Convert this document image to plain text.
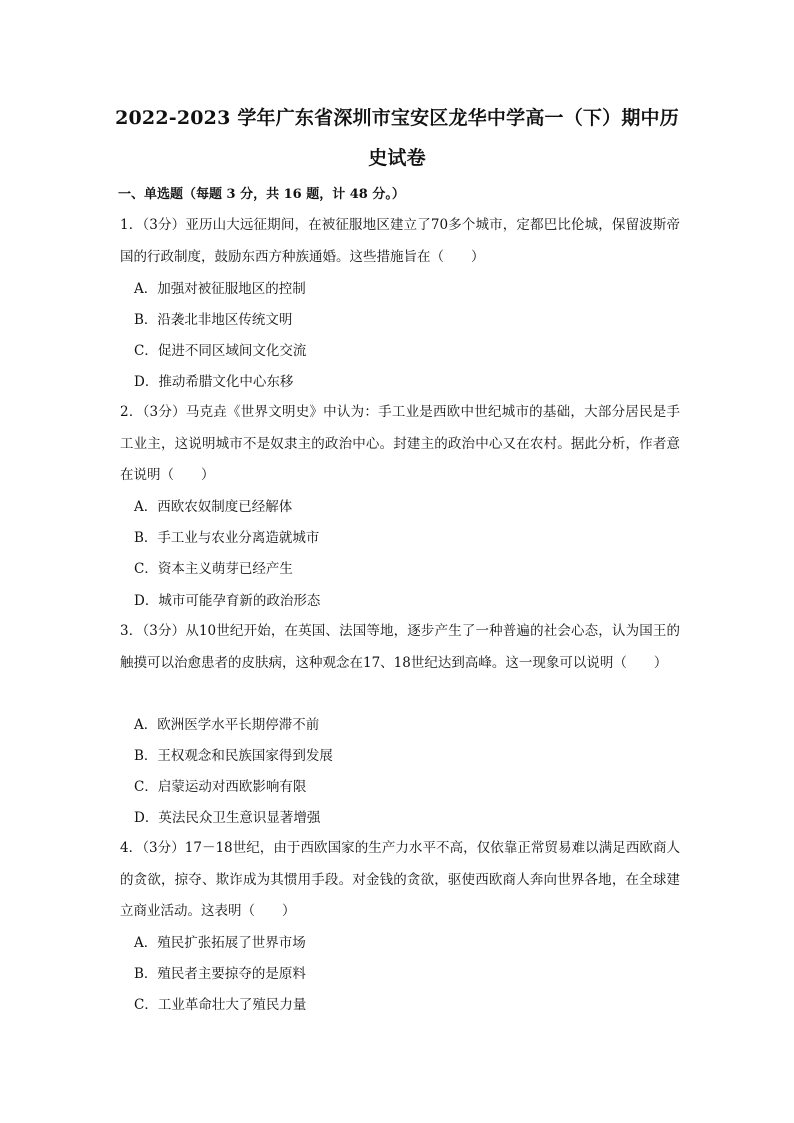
2022-2023 学年广东省深圳市宝安区龙华中学高一（下）期中历
史试卷
一、单选题（每题 3 分，共 16 题，计 48 分。）
1．（3分）亚历山大远征期间，在被征服地区建立了70多个城市，定都巴比伦城，保留波斯帝国的行政制度，鼓励东西方种族通婚。这些措施旨在（　　）
A．加强对被征服地区的控制
B．沿袭北非地区传统文明
C．促进不同区域间文化交流
D．推动希腊文化中心东移
2．（3分）马克垚《世界文明史》中认为：手工业是西欧中世纪城市的基础，大部分居民是手工业主，这说明城市不是奴隶主的政治中心。封建主的政治中心又在农村。据此分析，作者意在说明（　　）
A．西欧农奴制度已经解体
B．手工业与农业分离造就城市
C．资本主义萌芽已经产生
D．城市可能孕育新的政治形态
3．（3分）从10世纪开始，在英国、法国等地，逐步产生了一种普遍的社会心态，认为国王的触摸可以治愈患者的皮肤病，这种观念在17、18世纪达到高峰。这一现象可以说明（　　）
A．欧洲医学水平长期停滞不前
B．王权观念和民族国家得到发展
C．启蒙运动对西欧影响有限
D．英法民众卫生意识显著增强
4．（3分）17－18世纪，由于西欧国家的生产力水平不高，仅依靠正常贸易难以满足西欧商人的贪欲，掠夺、欺诈成为其惯用手段。对金钱的贪欲，驱使西欧商人奔向世界各地，在全球建立商业活动。这表明（　　）
A．殖民扩张拓展了世界市场
B．殖民者主要掠夺的是原料
C．工业革命壮大了殖民力量
